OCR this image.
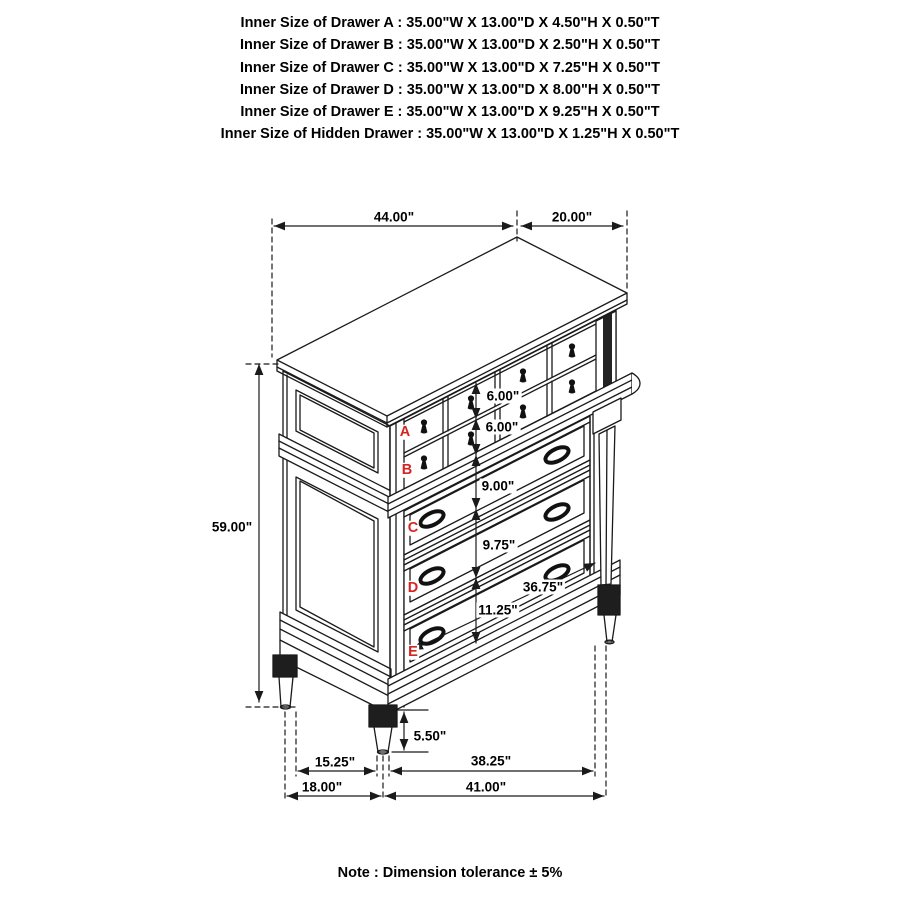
Inner Size of Drawer A : 35.00"W X 13.00"D X 4.50"H X 0.50"T
Inner Size of Drawer B : 35.00"W X 13.00"D X 2.50"H X 0.50"T
Inner Size of Drawer C : 35.00"W X 13.00"D X 7.25"H X 0.50"T
Inner Size of Drawer D : 35.00"W X 13.00"D X 8.00"H X 0.50"T
Inner Size of Drawer E : 35.00"W X 13.00"D X 9.25"H X 0.50"T
Inner Size of Hidden Drawer : 35.00"W X 13.00"D X 1.25"H X 0.50"T
44.00"	20.00"
59.00"
6.00"
6.00"
9.00"
9.75"
11.25"
36.75"
5.50"
15.25"	38.25"
18.00"	41.00"
A
B
C
D
E
Note : Dimension tolerance ± 5%
